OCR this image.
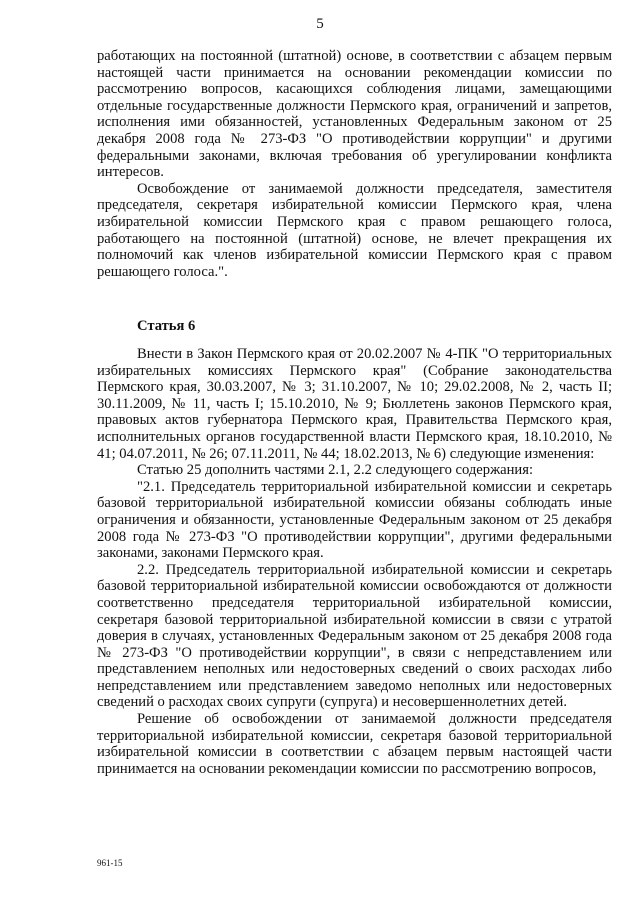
5

работающих на постоянной (штатной) основе, в соответствии с абзацем первым настоящей части принимается на основании рекомендации комиссии по рассмотрению вопросов, касающихся соблюдения лицами, замещающими отдельные государственные должности Пермского края, ограничений и запретов, исполнения ими обязанностей, установленных Федеральным законом от 25 декабря 2008 года № 273-ФЗ "О противодействии коррупции" и другими федеральными законами, включая требования об урегулировании конфликта интересов.

Освобождение от занимаемой должности председателя, заместителя председателя, секретаря избирательной комиссии Пермского края, члена избирательной комиссии Пермского края с правом решающего голоса, работающего на постоянной (штатной) основе, не влечет прекращения их полномочий как членов избирательной комиссии Пермского края с правом решающего голоса.".

Статья 6

Внести в Закон Пермского края от 20.02.2007 № 4-ПК "О территориальных избирательных комиссиях Пермского края" (Собрание законодательства Пермского края, 30.03.2007, № 3; 31.10.2007, № 10; 29.02.2008, № 2, часть II; 30.11.2009, № 11, часть I; 15.10.2010, № 9; Бюллетень законов Пермского края, правовых актов губернатора Пермского края, Правительства Пермского края, исполнительных органов государственной власти Пермского края, 18.10.2010, № 41; 04.07.2011, № 26; 07.11.2011, № 44; 18.02.2013, № 6) следующие изменения:

Статью 25 дополнить частями 2.1, 2.2 следующего содержания:

"2.1. Председатель территориальной избирательной комиссии и секретарь базовой территориальной избирательной комиссии обязаны соблюдать иные ограничения и обязанности, установленные Федеральным законом от 25 декабря 2008 года № 273-ФЗ "О противодействии коррупции", другими федеральными законами, законами Пермского края.

2.2. Председатель территориальной избирательной комиссии и секретарь базовой территориальной избирательной комиссии освобождаются от должности соответственно председателя территориальной избирательной комиссии, секретаря базовой территориальной избирательной комиссии в связи с утратой доверия в случаях, установленных Федеральным законом от 25 декабря 2008 года № 273-ФЗ "О противодействии коррупции", в связи с непредставлением или представлением неполных или недостоверных сведений о своих расходах либо непредставлением или представлением заведомо неполных или недостоверных сведений о расходах своих супруги (супруга) и несовершеннолетних детей.

Решение об освобождении от занимаемой должности председателя территориальной избирательной комиссии, секретаря базовой территориальной избирательной комиссии в соответствии с абзацем первым настоящей части принимается на основании рекомендации комиссии по рассмотрению вопросов,

961-15
